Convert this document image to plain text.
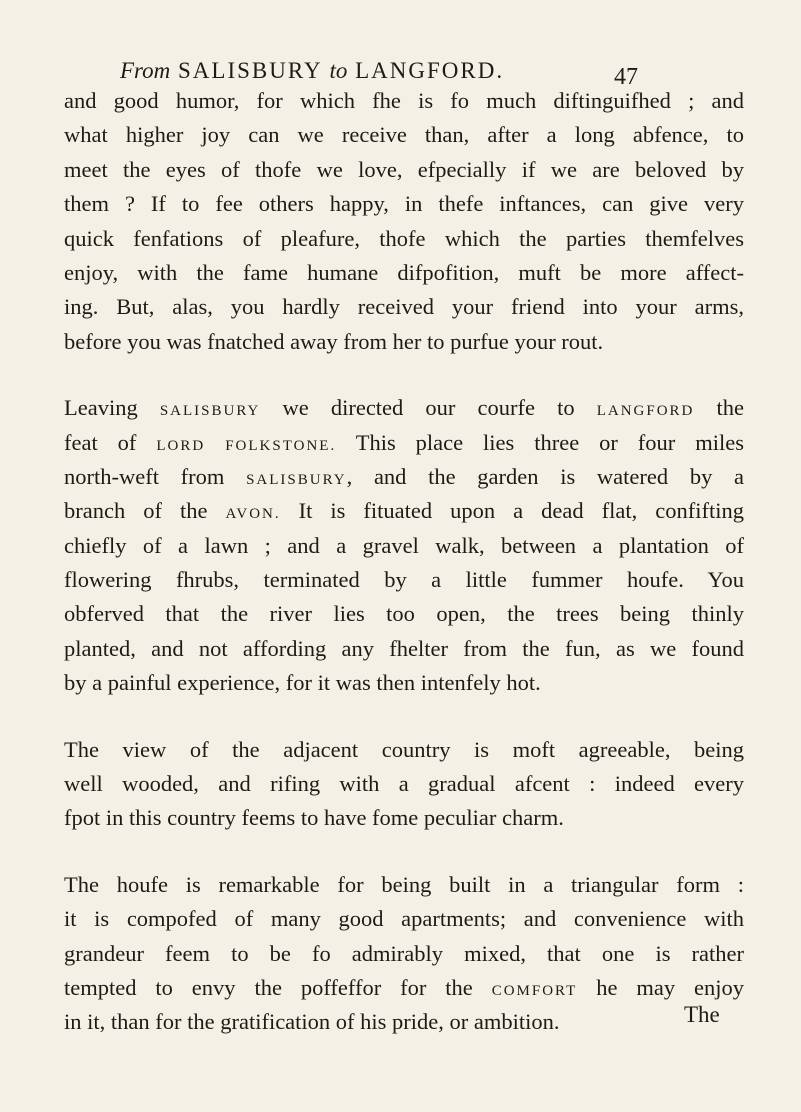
From SALISBURY to LANGFORD.	47
and good humor, for which fhe is fo much diftinguifhed ; and
what higher joy can we receive than, after a long abfence, to
meet the eyes of thofe we love, efpecially if we are beloved by
them ? If to fee others happy, in thefe inftances, can give very
quick fenfations of pleafure, thofe which the parties themfelves
enjoy, with the fame humane difpofition, muft be more affect-
ing. But, alas, you hardly received your friend into your arms,
before you was fnatched away from her to purfue your rout.
Leaving SALISBURY we directed our courfe to LANGFORD the
feat of LORD FOLKSTONE. This place lies three or four miles
north-weft from SALISBURY, and the garden is watered by a
branch of the AVON. It is fituated upon a dead flat, confifting
chiefly of a lawn ; and a gravel walk, between a plantation of
flowering fhrubs, terminated by a little fummer houfe. You
obferved that the river lies too open, the trees being thinly
planted, and not affording any fhelter from the fun, as we found
by a painful experience, for it was then intenfely hot.
The view of the adjacent country is moft agreeable, being
well wooded, and rifing with a gradual afcent : indeed every
fpot in this country feems to have fome peculiar charm.
The houfe is remarkable for being built in a triangular form :
it is compofed of many good apartments; and convenience with
grandeur feem to be fo admirably mixed, that one is rather
tempted to envy the poffeffor for the COMFORT he may enjoy
in it, than for the gratification of his pride, or ambition.	The
